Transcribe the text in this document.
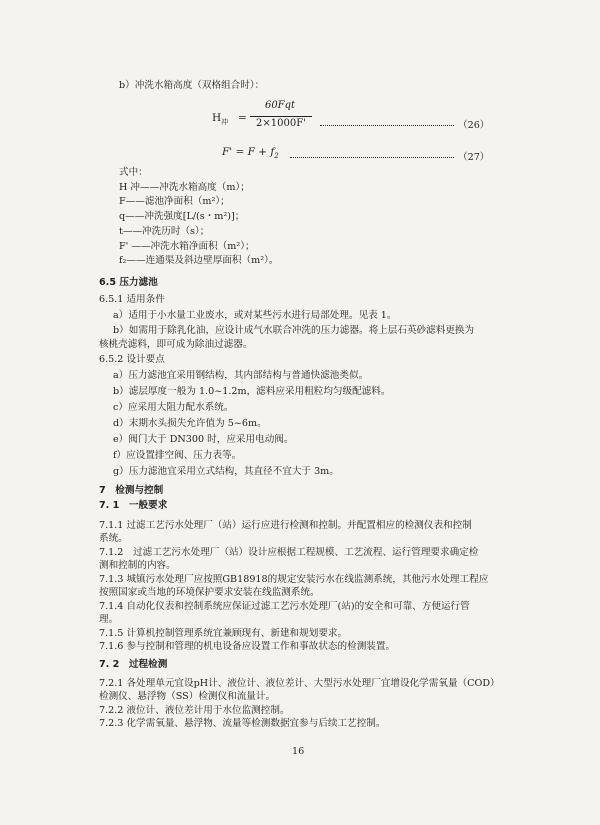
b）冲洗水箱高度（双格组合时）：
$H_冲$ =
60Fqt
2×1000F'	（26）
$F' = F + f_2$	（27）
式中：
H 冲——冲洗水箱高度（m）；
F——滤池净面积（m²）；
q——冲洗强度[L/(s・m²)]；
t——冲洗历时（s）；
F' ——冲洗水箱净面积（m²）；
f₂——连通渠及斜边壁厚面积（m²）。
6.5 压力滤池
6.5.1 适用条件
a）适用于小水量工业废水，或对某些污水进行局部处理。见表 1。
b）如需用于除乳化油，应设计成气水联合冲洗的压力滤器。将上层石英砂滤料更换为
核桃壳滤料，即可成为除油过滤器。
6.5.2 设计要点
a）压力滤池宜采用钢结构，其内部结构与普通快滤池类似。
b）滤层厚度一般为 1.0~1.2m，滤料应采用粗粒均匀级配滤料。
c）应采用大阻力配水系统。
d）末期水头损失允许值为 5~6m。
e）阀门大于 DN300 时，应采用电动阀。
f）应设置排空阀、压力表等。
g）压力滤池宜采用立式结构，其直径不宜大于 3m。
7　检测与控制
7. 1　一般要求
7.1.1 过滤工艺污水处理厂（站）运行应进行检测和控制。并配置相应的检测仪表和控制
系统。
7.1.2　过滤工艺污水处理厂（站）设计应根据工程规模、工艺流程、运行管理要求确定检
测和控制的内容。
7.1.3 城镇污水处理厂应按照GB18918的规定安装污水在线监测系统，其他污水处理工程应
按照国家或当地的环境保护要求安装在线监测系统。
7.1.4 自动化仪表和控制系统应保证过滤工艺污水处理厂(站)的安全和可靠、方便运行管
理。
7.1.5 计算机控制管理系统宜兼顾现有、新建和规划要求。
7.1.6 参与控制和管理的机电设备应设置工作和事故状态的检测装置。
7. 2　过程检测
7.2.1 各处理单元宜设pH计、液位计、液位差计、大型污水处理厂宜增设化学需氧量（COD）
检测仪、悬浮物（SS）检测仪和流量计。
7.2.2 液位计、液位差计用于水位监测控制。
7.2.3 化学需氧量、悬浮物、流量等检测数据宜参与后续工艺控制。
16
